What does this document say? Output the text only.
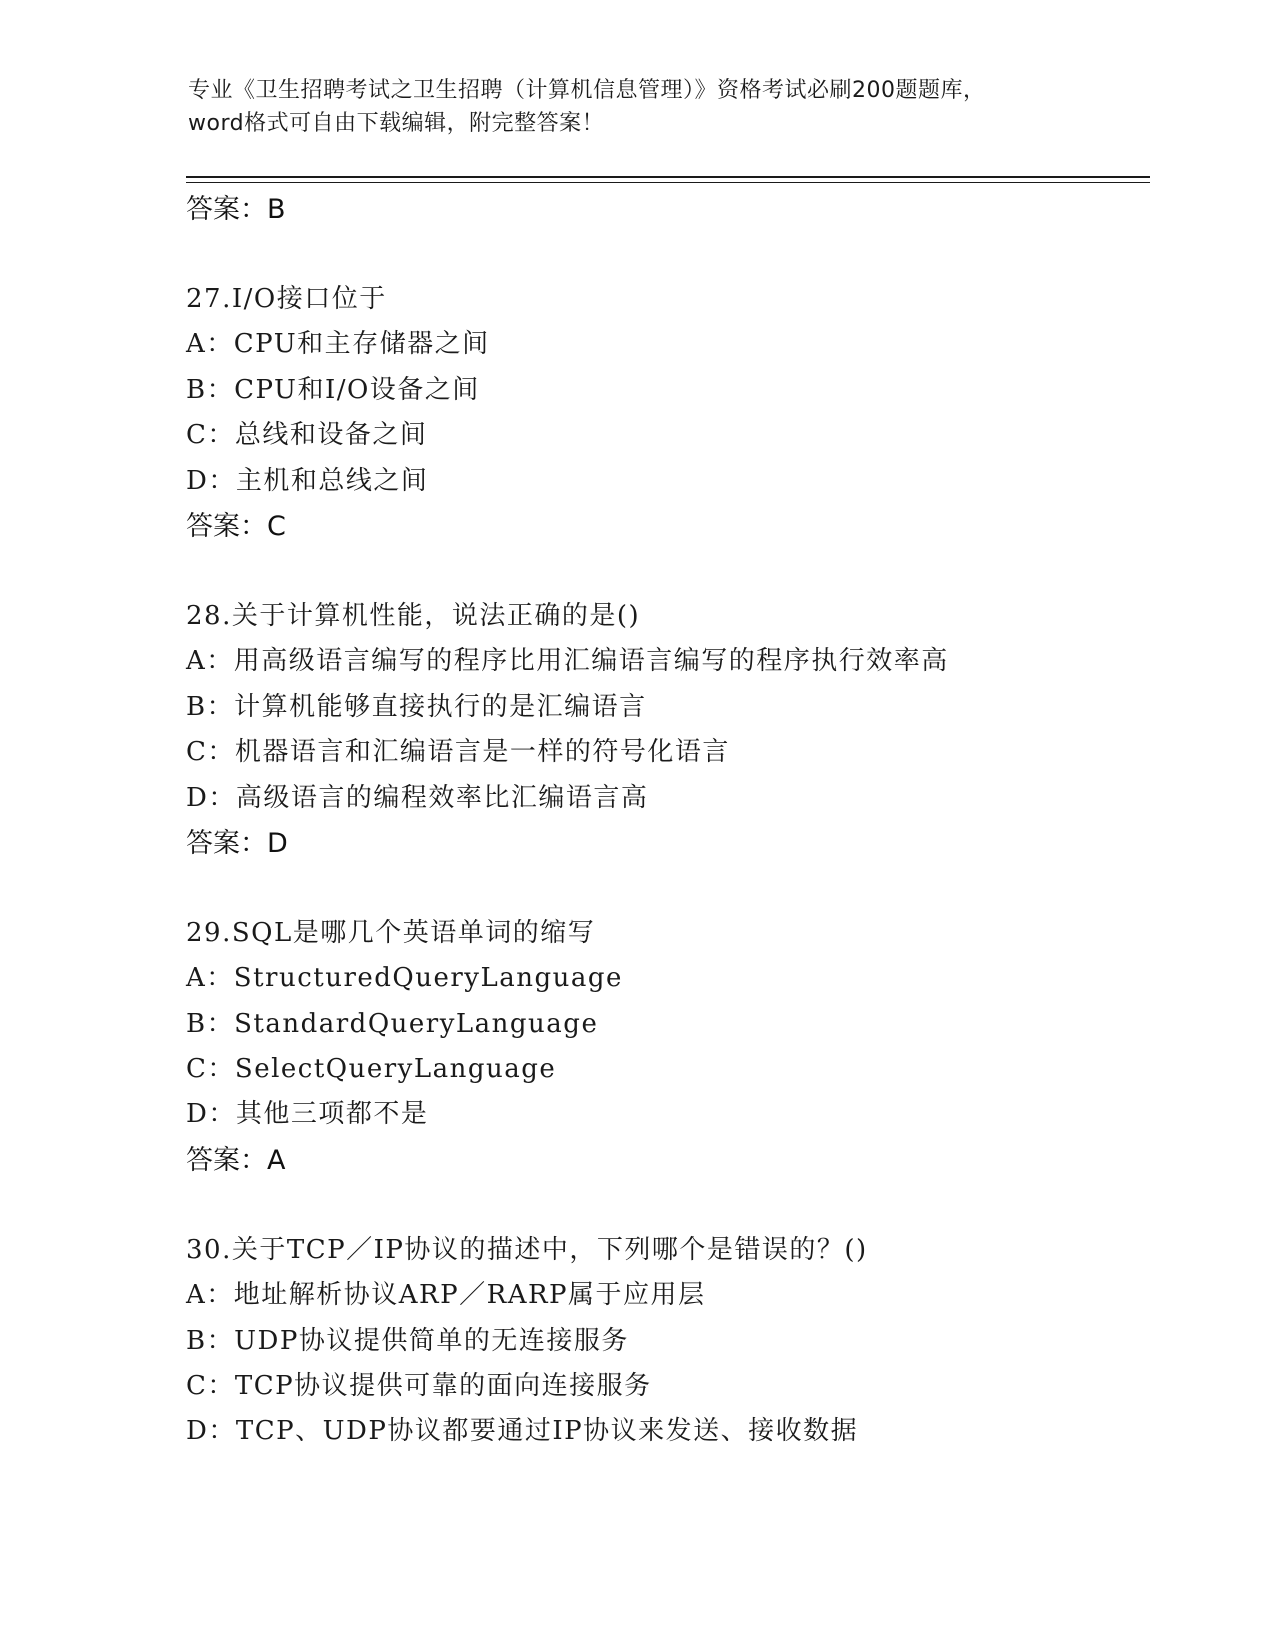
专业《卫生招聘考试之卫生招聘（计算机信息管理）》资格考试必刷200题题库，
word格式可自由下载编辑，附完整答案！
答案：B
27.I/O接口位于
A：CPU和主存储器之间
B：CPU和I/O设备之间
C：总线和设备之间
D：主机和总线之间
答案：C
28.关于计算机性能，说法正确的是()
A：用高级语言编写的程序比用汇编语言编写的程序执行效率高
B：计算机能够直接执行的是汇编语言
C：机器语言和汇编语言是一样的符号化语言
D：高级语言的编程效率比汇编语言高
答案：D
29.SQL是哪几个英语单词的缩写
A：StructuredQueryLanguage
B：StandardQueryLanguage
C：SelectQueryLanguage
D：其他三项都不是
答案：A
30.关于TCP／IP协议的描述中，下列哪个是错误的？()
A：地址解析协议ARP／RARP属于应用层
B：UDP协议提供简单的无连接服务
C：TCP协议提供可靠的面向连接服务
D：TCP、UDP协议都要通过IP协议来发送、接收数据
